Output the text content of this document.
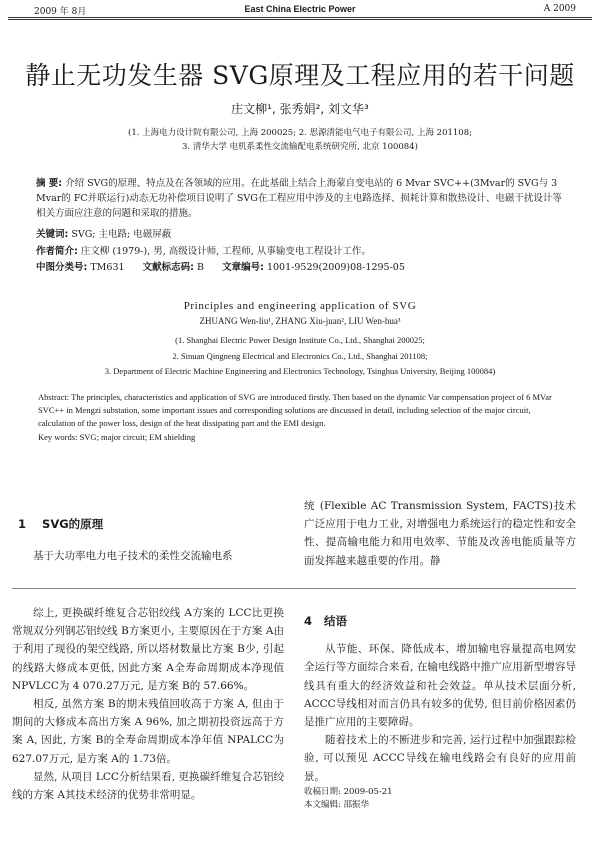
2009 年 8月	East China Electric Power	A 2009
静止无功发生器 SVG原理及工程应用的若干问题
庄文柳¹, 张秀娟², 刘文华³
(1. 上海电力设计院有限公司, 上海 200025; 2. 思源清能电气电子有限公司, 上海 201108;
3. 清华大学 电机系柔性交流输配电系统研究所, 北京 100084)
摘 要: 介绍 SVG的原理、特点及在各领域的应用。在此基础上结合上海蒙自变电站的 6 Mvar SVC++(3Mvar的 SVG与 3 Mvar的 FC并联运行)动态无功补偿项目说明了 SVG在工程应用中涉及的主电路选择、损耗计算和散热设计、电磁干扰设计等相关方面应注意的问题和采取的措施。
关键词: SVG; 主电路; 电磁屏蔽
作者简介: 庄文柳 (1979-), 男, 高级设计师, 工程师, 从事输变电工程设计工作。
中图分类号: TM631 文献标志码: B 文章编号: 1001-9529(2009)08-1295-05
Principles and engineering application of SVG
ZHUANG Wen-liu¹, ZHANG Xiu-juan², LIU Wen-hua³
(1. Shanghai Electric Power Design Institute Co., Ltd., Shanghai 200025;
2. Sinuan Qingneng Electrical and Electronics Co., Ltd., Shanghai 201108;
3. Department of Electric Machine Engineering and Electronics Technology, Tsinghua University, Beijing 100084)
Abstract: The principles, characteristics and application of SVG are introduced firstly. Then based on the dynamic Var compensation project of 6 MVar SVC++ in Mengzi substation, some important issues and corresponding solutions are discussed in detail, including selection of the major circuit, calculation of the power loss, design of the heat dissipating part and the EMI design.
Key words: SVG; major circuit; EM shielding
1 SVG的原理

基于大功率电力电子技术的柔性交流输电系

统 (Flexible AC Transmission System, FACTS)技术广泛应用于电力工业, 对增强电力系统运行的稳定性和安全性、提高输电能力和用电效率、节能及改善电能质量等方面发挥越来越重要的作用。静

综上, 更换碳纤维复合芯铝绞线 A方案的 LCC比更换常规双分列钢芯铝绞线 B方案更小, 主要原因在于方案 A由于利用了现役的架空线路, 所以塔材数量比方案 B少, 引起的线路大修成本更低, 因此方案 A全寿命周期成本净现值 NPVLCC为 4 070.27万元, 是方案 B的 57.66%。

相反, 虽然方案 B的期末残值回收高于方案 A, 但由于期间的大修成本高出方案 A 96%, 加之期初投资远高于方案 A, 因此, 方案 B的全寿命周期成本净年值 NPALCC为 627.07万元, 是方案 A的 1.73倍。

显然, 从项目 LCC分析结果看, 更换碳纤维复合芯铝绞线的方案 A其技术经济的优势非常明显。

4 结语

从节能、环保、降低成本、增加输电容量提高电网安全运行等方面综合来看, 在输电线路中推广应用新型增容导线具有重大的经济效益和社会效益。单从技术层面分析, ACCC导线相对而言仍具有较多的优势, 但目前价格因素仍是推广应用的主要障碍。

随着技术上的不断进步和完善, 运行过程中加强跟踪检验, 可以预见 ACCC导线在输电线路会有良好的应用前景。

收稿日期: 2009-05-21
本文编辑: 邵振华
